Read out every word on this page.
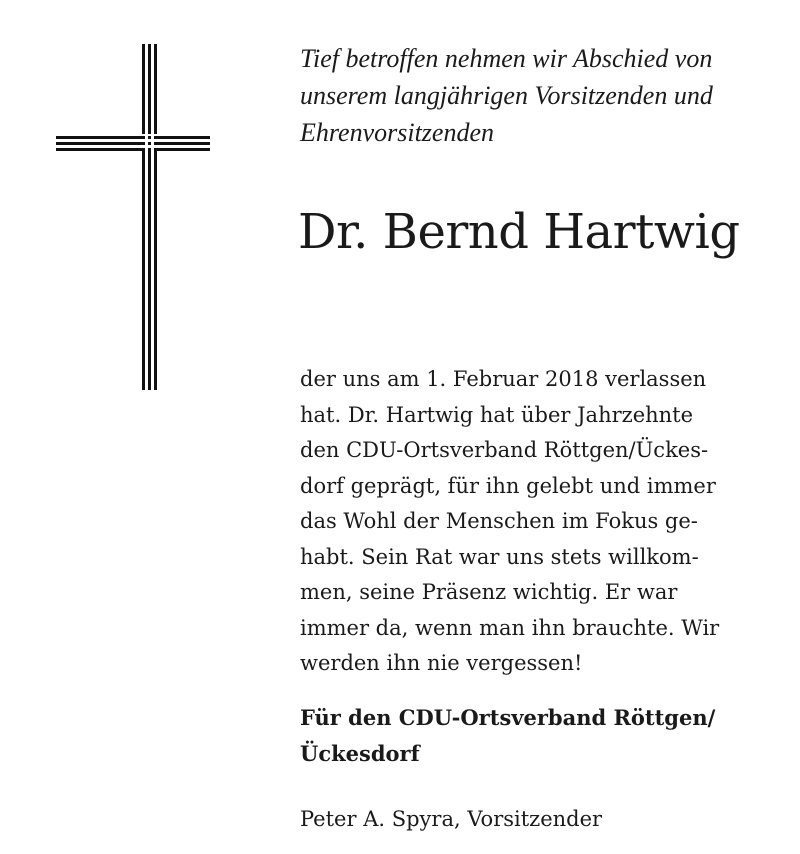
Tief betroffen nehmen wir Abschied von
unserem langjährigen Vorsitzenden und
Ehrenvorsitzenden

Dr. Bernd Hartwig

der uns am 1. Februar 2018 verlassen
hat. Dr. Hartwig hat über Jahrzehnte
den CDU-Ortsverband Röttgen/Ückes-
dorf geprägt, für ihn gelebt und immer
das Wohl der Menschen im Fokus ge-
habt. Sein Rat war uns stets willkom-
men, seine Präsenz wichtig. Er war
immer da, wenn man ihn brauchte. Wir
werden ihn nie vergessen!

Für den CDU-Ortsverband Röttgen/
Ückesdorf

Peter A. Spyra, Vorsitzender
